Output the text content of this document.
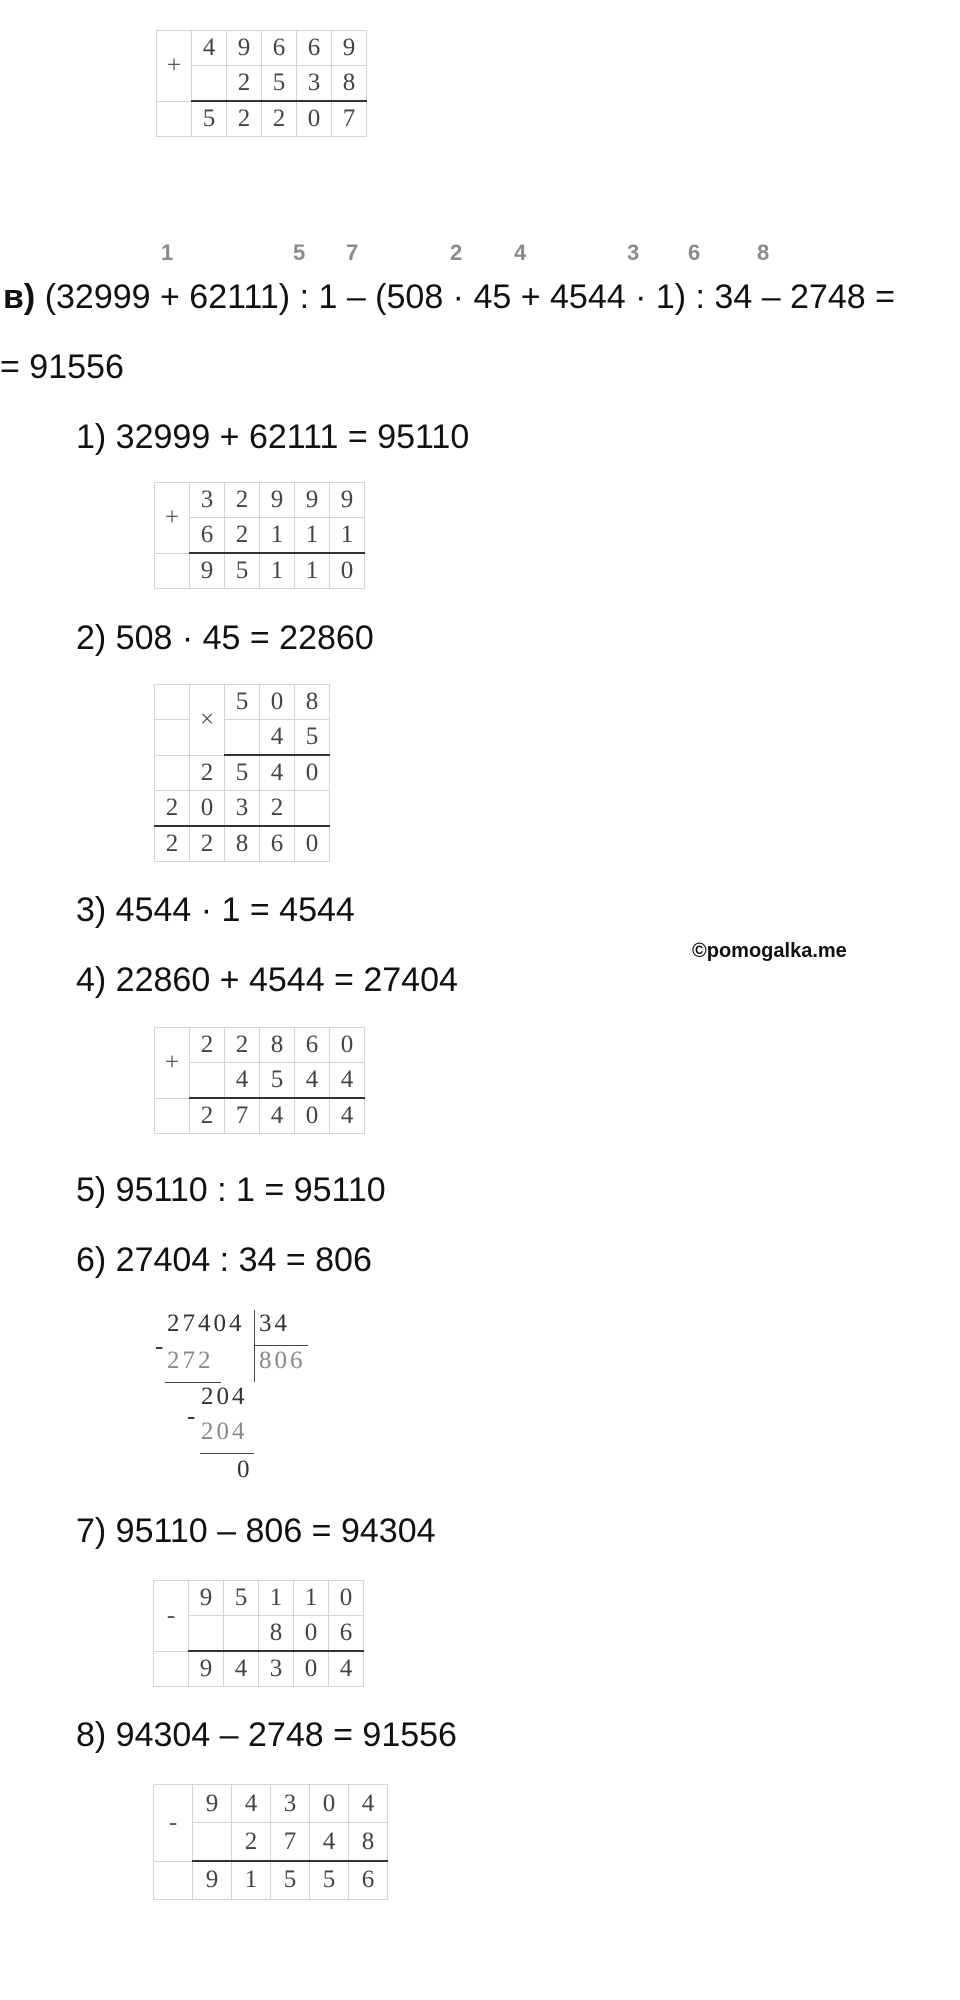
+	4	9	6	6	9
		2	5	3	8
	5	2	2	0	7
1	5 7	2 4	3 6	8
в) (32999 + 62111) : 1 – (508 · 45 + 4544 · 1) : 34 – 2748 =
= 91556
1) 32999 + 62111 = 95110
+	3	2	9	9	9
	6	2	1	1	1
	9	5	1	1	0
2) 508 · 45 = 22860
	×	5	0	8
			4	5
	2	5	4	0
2	0	3	2	
2	2	8	6	0
3) 4544 · 1 = 4544
©pomogalka.me
4) 22860 + 4544 = 27404
+	2	2	8	6	0
		4	5	4	4
	2	7	4	0	4
5) 95110 : 1 = 95110
6) 27404 : 34 = 806
27404 34
806
-
272
204
-
204
0
7) 95110 – 806 = 94304
-	9	5	1	1	0
			8	0	6
	9	4	3	0	4
8) 94304 – 2748 = 91556
-	9	4	3	0	4
		2	7	4	8
	9	1	5	5	6
